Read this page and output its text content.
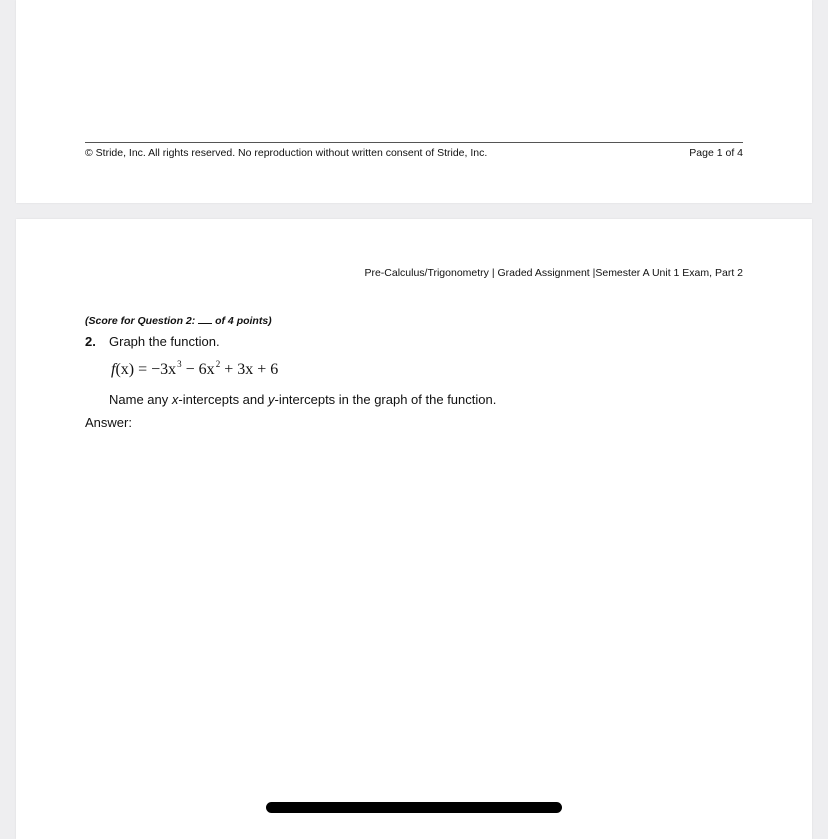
© Stride, Inc. All rights reserved. No reproduction without written consent of Stride, Inc.	Page 1 of 4
Pre-Calculus/Trigonometry | Graded Assignment |Semester A Unit 1 Exam, Part 2
(Score for Question 2:  of 4 points)
2. Graph the function.
$f(x) = -3x^3 - 6x^2 + 3x + 6$
Name any x-intercepts and y-intercepts in the graph of the function.
Answer:
